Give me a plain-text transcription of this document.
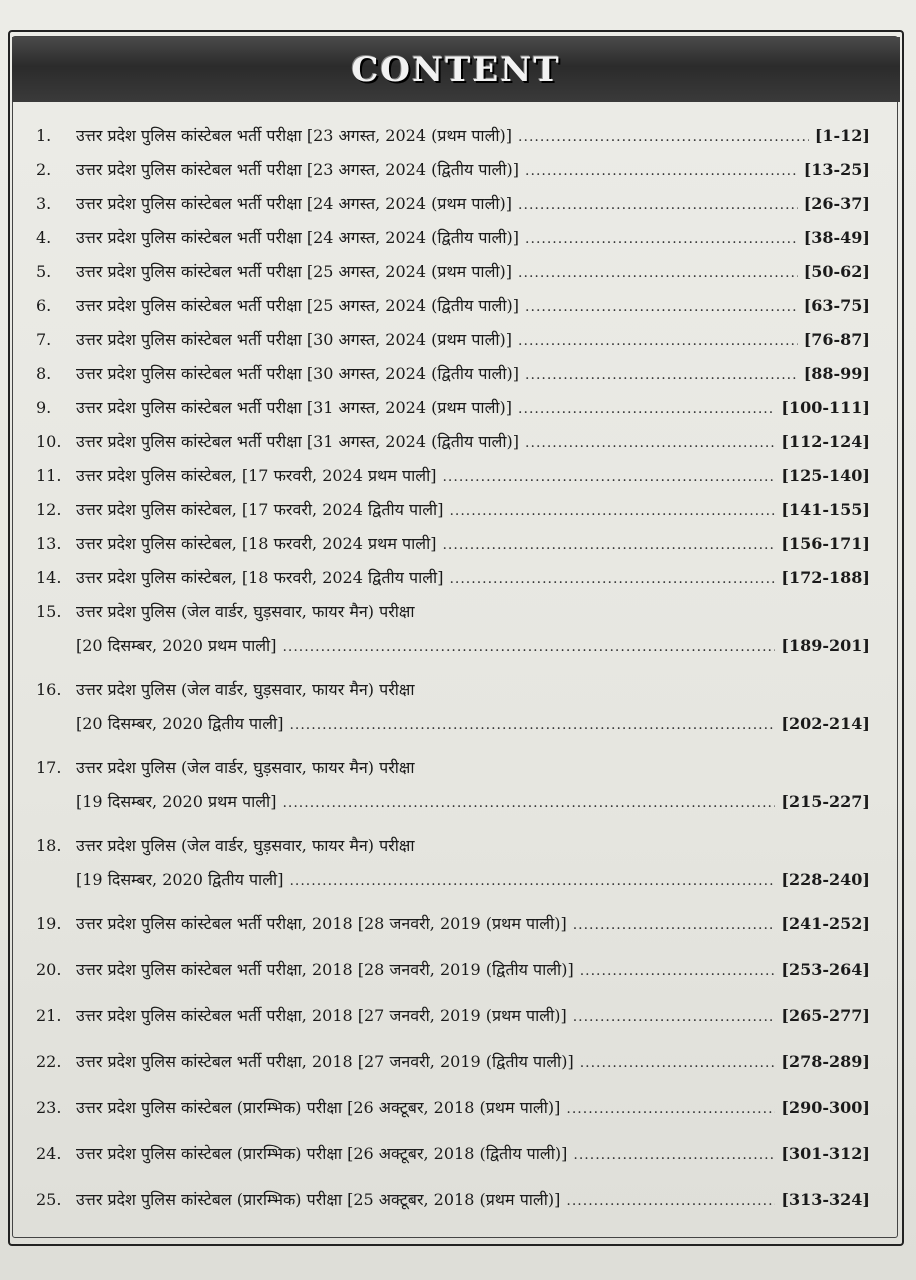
CONTENT
1.	उत्तर प्रदेश पुलिस कांस्टेबल भर्ती परीक्षा [23 अगस्त, 2024 (प्रथम पाली)] .....	[1-12]
2.	उत्तर प्रदेश पुलिस कांस्टेबल भर्ती परीक्षा [23 अगस्त, 2024 (द्वितीय पाली)] .....	[13-25]
3.	उत्तर प्रदेश पुलिस कांस्टेबल भर्ती परीक्षा [24 अगस्त, 2024 (प्रथम पाली)] .....	[26-37]
4.	उत्तर प्रदेश पुलिस कांस्टेबल भर्ती परीक्षा [24 अगस्त, 2024 (द्वितीय पाली)] .....	[38-49]
5.	उत्तर प्रदेश पुलिस कांस्टेबल भर्ती परीक्षा [25 अगस्त, 2024 (प्रथम पाली)] .....	[50-62]
6.	उत्तर प्रदेश पुलिस कांस्टेबल भर्ती परीक्षा [25 अगस्त, 2024 (द्वितीय पाली)] .....	[63-75]
7.	उत्तर प्रदेश पुलिस कांस्टेबल भर्ती परीक्षा [30 अगस्त, 2024 (प्रथम पाली)] .....	[76-87]
8.	उत्तर प्रदेश पुलिस कांस्टेबल भर्ती परीक्षा [30 अगस्त, 2024 (द्वितीय पाली)] .....	[88-99]
9.	उत्तर प्रदेश पुलिस कांस्टेबल भर्ती परीक्षा [31 अगस्त, 2024 (प्रथम पाली)] .....	[100-111]
10. उत्तर प्रदेश पुलिस कांस्टेबल भर्ती परीक्षा [31 अगस्त, 2024 (द्वितीय पाली)] .....	[112-124]
11. उत्तर प्रदेश पुलिस कांस्टेबल, [17 फरवरी, 2024 प्रथम पाली] .....	[125-140]
12. उत्तर प्रदेश पुलिस कांस्टेबल, [17 फरवरी, 2024 द्वितीय पाली] .....	[141-155]
13. उत्तर प्रदेश पुलिस कांस्टेबल, [18 फरवरी, 2024 प्रथम पाली] .....	[156-171]
14. उत्तर प्रदेश पुलिस कांस्टेबल, [18 फरवरी, 2024 द्वितीय पाली] .....	[172-188]
15. उत्तर प्रदेश पुलिस (जेल वार्डर, घुड़सवार, फायर मैन) परीक्षा
[20 दिसम्बर, 2020 प्रथम पाली] .....	[189-201]
16. उत्तर प्रदेश पुलिस (जेल वार्डर, घुड़सवार, फायर मैन) परीक्षा
[20 दिसम्बर, 2020 द्वितीय पाली] .....	[202-214]
17. उत्तर प्रदेश पुलिस (जेल वार्डर, घुड़सवार, फायर मैन) परीक्षा
[19 दिसम्बर, 2020 प्रथम पाली] .....	[215-227]
18. उत्तर प्रदेश पुलिस (जेल वार्डर, घुड़सवार, फायर मैन) परीक्षा
[19 दिसम्बर, 2020 द्वितीय पाली] .....	[228-240]
19. उत्तर प्रदेश पुलिस कांस्टेबल भर्ती परीक्षा, 2018 [28 जनवरी, 2019 (प्रथम पाली)] .....	[241-252]
20. उत्तर प्रदेश पुलिस कांस्टेबल भर्ती परीक्षा, 2018 [28 जनवरी, 2019 (द्वितीय पाली)] .....	[253-264]
21. उत्तर प्रदेश पुलिस कांस्टेबल भर्ती परीक्षा, 2018 [27 जनवरी, 2019 (प्रथम पाली)] .....	[265-277]
22. उत्तर प्रदेश पुलिस कांस्टेबल भर्ती परीक्षा, 2018 [27 जनवरी, 2019 (द्वितीय पाली)] .....	[278-289]
23. उत्तर प्रदेश पुलिस कांस्टेबल (प्रारम्भिक) परीक्षा [26 अक्टूबर, 2018 (प्रथम पाली)] .....	[290-300]
24. उत्तर प्रदेश पुलिस कांस्टेबल (प्रारम्भिक) परीक्षा [26 अक्टूबर, 2018 (द्वितीय पाली)] .....	[301-312]
25. उत्तर प्रदेश पुलिस कांस्टेबल (प्रारम्भिक) परीक्षा [25 अक्टूबर, 2018 (प्रथम पाली)] .....	[313-324]
